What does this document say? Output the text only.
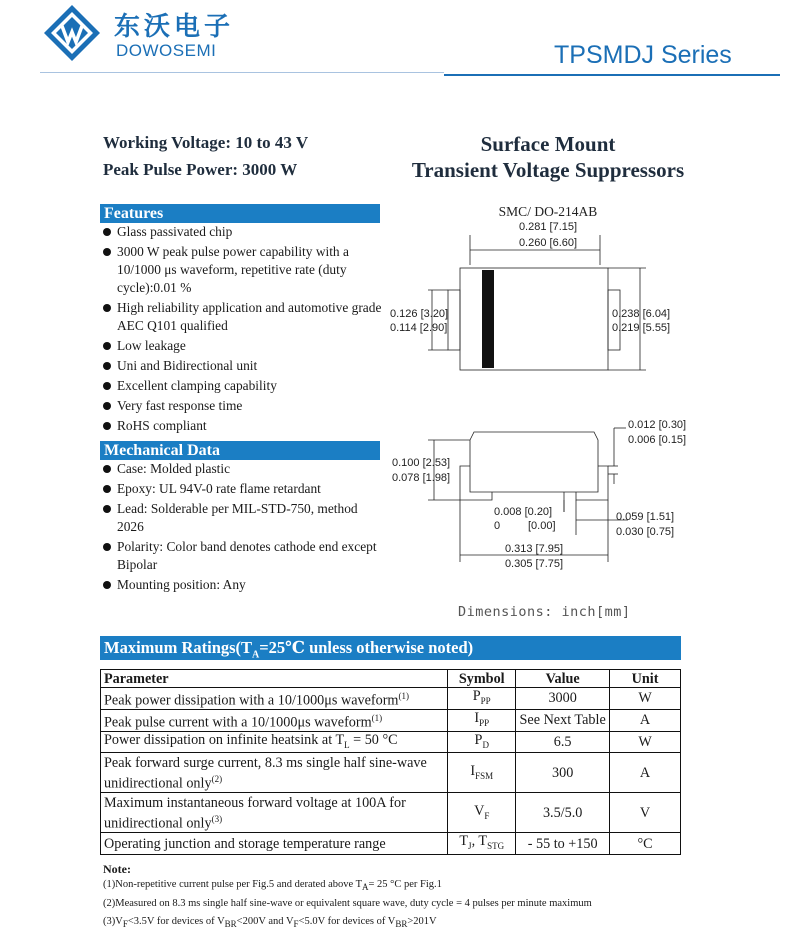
东沃电子
DOWOSEMI	TPSMDJ Series
Working Voltage: 10 to 43 V
Peak Pulse Power: 3000 W
Surface Mount
Transient Voltage Suppressors
Features
Glass passivated chip
3000 W peak pulse power capability with a 10/1000 μs waveform, repetitive rate (duty cycle):0.01 %
High reliability application and automotive grade AEC Q101 qualified
Low leakage
Uni and Bidirectional unit
Excellent clamping capability
Very fast response time
RoHS compliant
Mechanical Data
Case: Molded plastic
Epoxy: UL 94V-0 rate flame retardant
Lead: Solderable per MIL-STD-750, method 2026
Polarity: Color band denotes cathode end except Bipolar
Mounting position: Any
SMC/ DO-214AB
0.281 [7.15]
0.260 [6.60]
0.126 [3.20]
0.114 [2.90]
0.238 [6.04]
0.219 [5.55]
0.012 [0.30]
0.006 [0.15]
0.100 [2.53]
0.078 [1.98]
0.008 [0.20]
0	[0.00]
0.059 [1.51]
0.030 [0.75]
0.313 [7.95]
0.305 [7.75]
Dimensions: inch[mm]
Maximum $Ratings(T_A=25℃$ unless otherwise noted)
Parameter	Symbol	Value	Unit
Peak power dissipation with a 10/1000μs waveform$^{(1)}$	$P_{PP}$	3000	W
Peak pulse current with a 10/1000μs waveform$^{(1)}$	$I_{PP}$	See Next Table	A
Power dissipation on infinite heatsink at $T_L = 50$ °C	$P_D$	6.5	W
Peak forward surge current, 8.3 ms single half sine-wave unidirectional only$^{(2)}$	$I_{FSM}$	300	A
Maximum instantaneous forward voltage at 100A for unidirectional only$^{(3)}$	$V_F$	3.5/5.0	V
Operating junction and storage temperature range	$T_J$, $T_{STG}$	- 55 to +150	°C
Note:
(1)Non-repetitive current pulse per Fig.5 and derated above TA= 25 °C per Fig.1
(2)Measured on 8.3 ms single half sine-wave or equivalent square wave, duty cycle = 4 pulses per minute maximum
(3)VF<3.5V for devices of VBR<200V and VF<5.0V for devices of VBR>201V
